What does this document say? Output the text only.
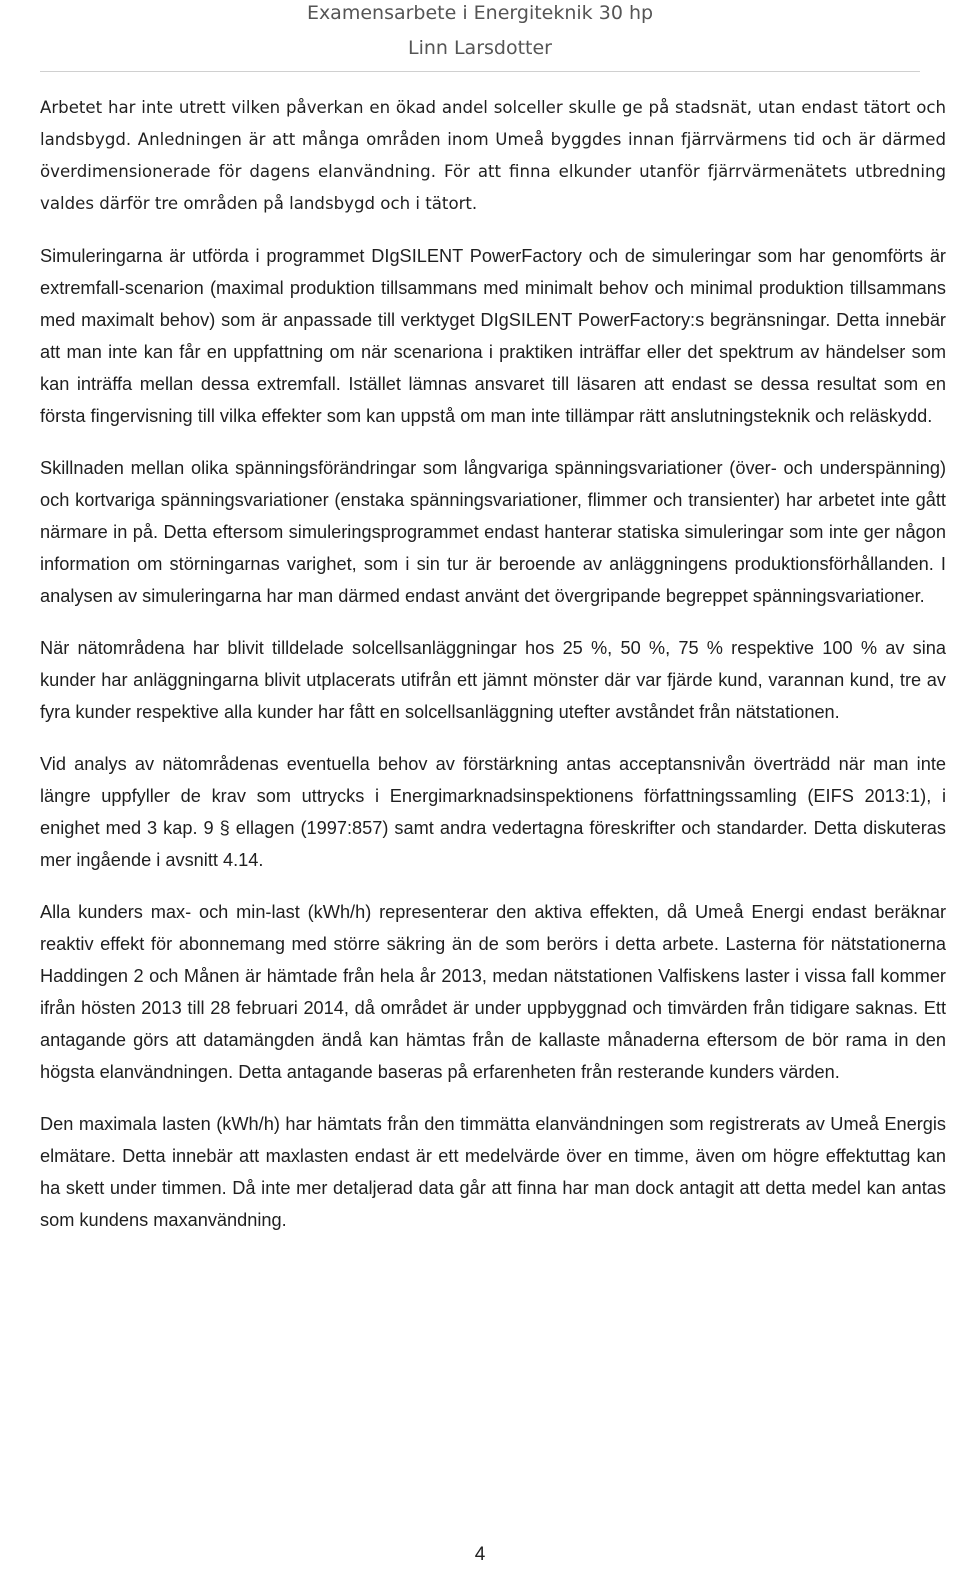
Examensarbete i Energiteknik 30 hp
Linn Larsdotter

Arbetet har inte utrett vilken påverkan en ökad andel solceller skulle ge på stadsnät, utan endast tätort och landsbygd. Anledningen är att många områden inom Umeå byggdes innan fjärrvärmens tid och är därmed överdimensionerade för dagens elanvändning. För att finna elkunder utanför fjärrvärmenätets utbredning valdes därför tre områden på landsbygd och i tätort.

Simuleringarna är utförda i programmet DIgSILENT PowerFactory och de simuleringar som har genomförts är extremfall-scenarion (maximal produktion tillsammans med minimalt behov och minimal produktion tillsammans med maximalt behov) som är anpassade till verktyget DIgSILENT PowerFactory:s begränsningar. Detta innebär att man inte kan får en uppfattning om när scenariona i praktiken inträffar eller det spektrum av händelser som kan inträffa mellan dessa extremfall. Istället lämnas ansvaret till läsaren att endast se dessa resultat som en första fingervisning till vilka effekter som kan uppstå om man inte tillämpar rätt anslutningsteknik och reläskydd.

Skillnaden mellan olika spänningsförändringar som långvariga spänningsvariationer (över- och underspänning) och kortvariga spänningsvariationer (enstaka spänningsvariationer, flimmer och transienter) har arbetet inte gått närmare in på. Detta eftersom simuleringsprogrammet endast hanterar statiska simuleringar som inte ger någon information om störningarnas varighet, som i sin tur är beroende av anläggningens produktionsförhållanden. I analysen av simuleringarna har man därmed endast använt det övergripande begreppet spänningsvariationer.

När nätområdena har blivit tilldelade solcellsanläggningar hos 25 %, 50 %, 75 % respektive 100 % av sina kunder har anläggningarna blivit utplacerats utifrån ett jämnt mönster där var fjärde kund, varannan kund, tre av fyra kunder respektive alla kunder har fått en solcellsanläggning utefter avståndet från nätstationen.

Vid analys av nätområdenas eventuella behov av förstärkning antas acceptansnivån överträdd när man inte längre uppfyller de krav som uttrycks i Energimarknadsinspektionens författningssamling (EIFS 2013:1), i enighet med 3 kap. 9 § ellagen (1997:857) samt andra vedertagna föreskrifter och standarder. Detta diskuteras mer ingående i avsnitt 4.14.

Alla kunders max- och min-last (kWh/h) representerar den aktiva effekten, då Umeå Energi endast beräknar reaktiv effekt för abonnemang med större säkring än de som berörs i detta arbete. Lasterna för nätstationerna Haddingen 2 och Månen är hämtade från hela år 2013, medan nätstationen Valfiskens laster i vissa fall kommer ifrån hösten 2013 till 28 februari 2014, då området är under uppbyggnad och timvärden från tidigare saknas. Ett antagande görs att datamängden ändå kan hämtas från de kallaste månaderna eftersom de bör rama in den högsta elanvändningen. Detta antagande baseras på erfarenheten från resterande kunders värden.

Den maximala lasten (kWh/h) har hämtats från den timmätta elanvändningen som registrerats av Umeå Energis elmätare. Detta innebär att maxlasten endast är ett medelvärde över en timme, även om högre effektuttag kan ha skett under timmen. Då inte mer detaljerad data går att finna har man dock antagit att detta medel kan antas som kundens maxanvändning.

4
